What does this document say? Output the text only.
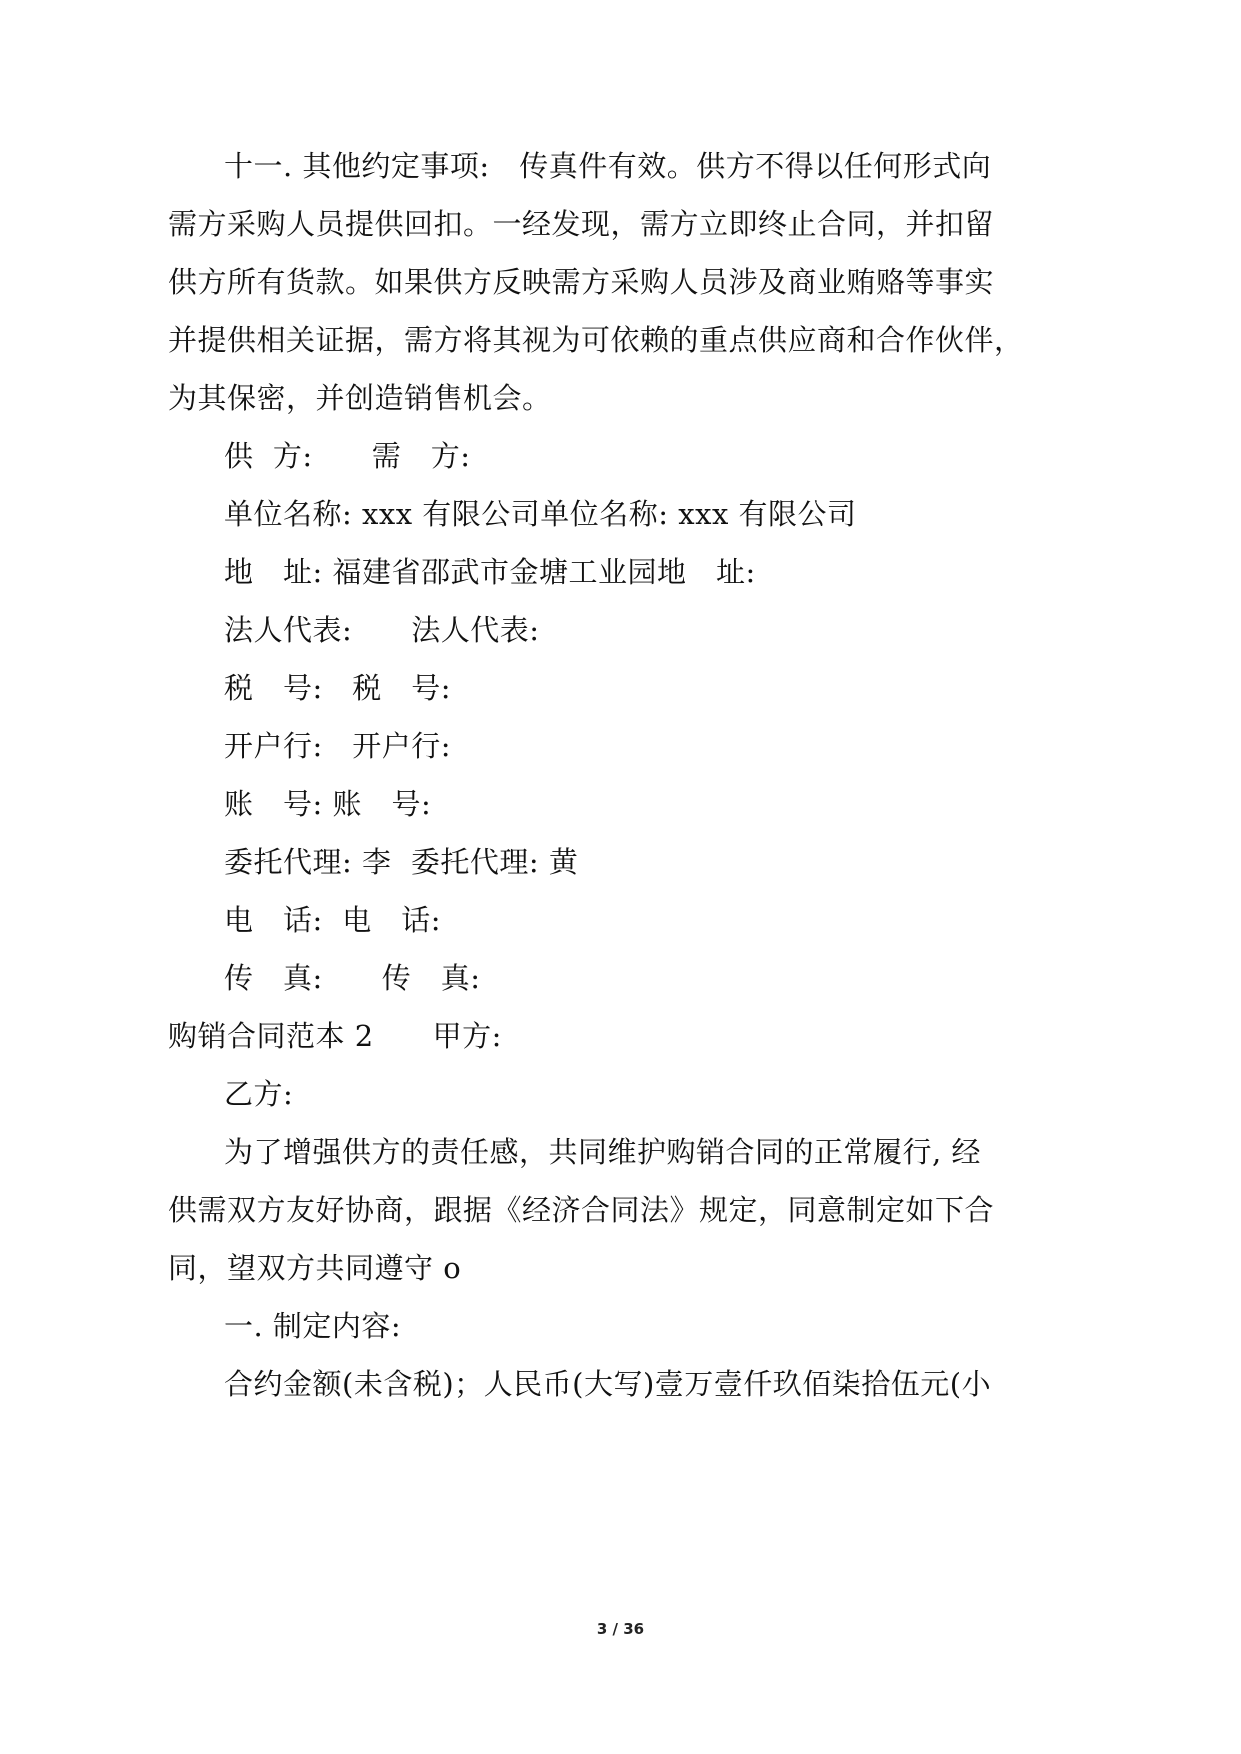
十一. 其他约定事项:　传真件有效。供方不得以任何形式向
需方采购人员提供回扣。一经发现，需方立即终止合同，并扣留
供方所有货款。如果供方反映需方采购人员涉及商业贿赂等事实
并提供相关证据，需方将其视为可依赖的重点供应商和合作伙伴，
为其保密，并创造销售机会。
供  方:　　需　方:
单位名称: xxx 有限公司单位名称: xxx 有限公司
地　址: 福建省邵武市金塘工业园地　址:
法人代表:　　法人代表:
税　号:　税　号:
开户行:　开户行:
账　号: 账　号:
委托代理: 李  委托代理: 黄
电　话:  电　话:
传　真:　　传　真:
购销合同范本 2　　甲方:
乙方:
为了增强供方的责任感，共同维护购销合同的正常履行, 经
供需双方友好协商，跟据《经济合同法》规定，同意制定如下合
同，望双方共同遵守 o
一. 制定内容:
合约金额(未含税)；人民币(大写)壹万壹仟玖佰柒拾伍元(小
3 / 36
